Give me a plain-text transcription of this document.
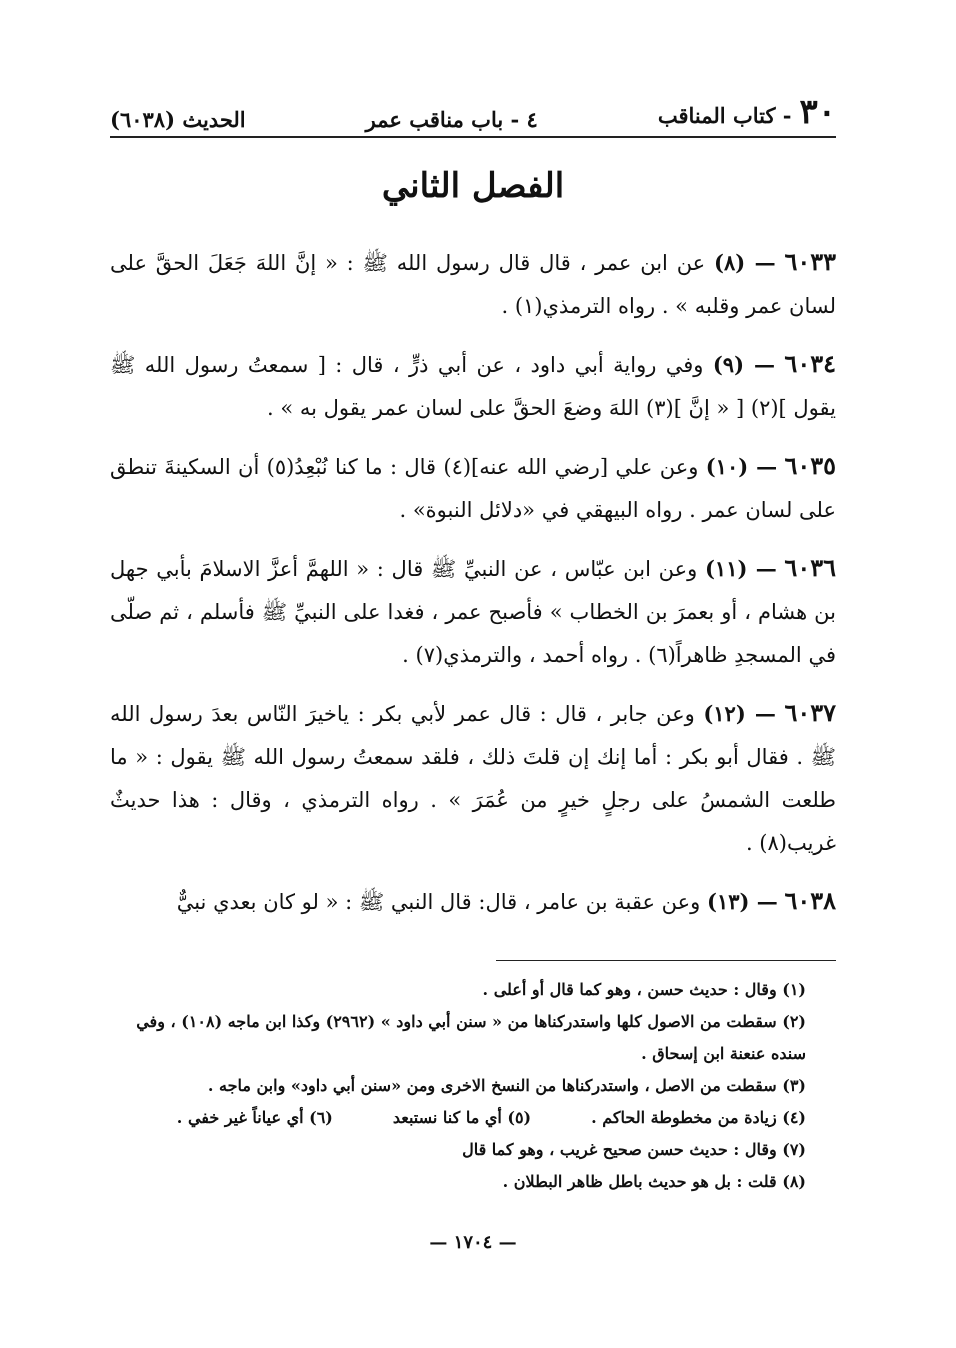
٣٠- كتاب المناقب
٤ - باب مناقب عمر
الحديث (٦٠٣٨)
الفصل الثاني

٦٠٣٣ — (٨) عن ابن عمر ، قال قال رسول الله ﷺ : « إنَّ اللهَ جَعَلَ الحقَّ على لسان عمر وقلبه » . رواه الترمذي(١) .

٦٠٣٤ — (٩) وفي رواية أبي داود ، عن أبي ذرٍّ ، قال : [ سمعتُ رسول الله ﷺ يقول ](٢) [ « إنَّ ](٣) اللهَ وضعَ الحقَّ على لسان عمر يقول به » .

٦٠٣٥ — (١٠) وعن علي [رضي الله عنه](٤) قال : ما كنا نُبْعِدُ(٥) أن السكينةَ تنطق على لسان عمر . رواه البيهقي في «دلائل النبوة» .

٦٠٣٦ — (١١) وعن ابن عبّاس ، عن النبيِّ ﷺ قال : « اللهمَّ أعزَّ الاسلامَ بأبي جهل بن هشام ، أو بعمرَ بن الخطاب » فأصبح عمر ، فغدا على النبيِّ ﷺ فأسلم ، ثم صلّى في المسجدِ ظاهراً(٦) . رواه أحمد ، والترمذي(٧) .

٦٠٣٧ — (١٢) وعن جابر ، قال : قال عمر لأبي بكر : ياخيرَ النّاس بعدَ رسول الله ﷺ . فقال أبو بكر : أما إنك إن قلتَ ذلك ، فلقد سمعتُ رسول الله ﷺ يقول : « ما طلعت الشمسُ على رجلٍ خيرٍ من عُمَرَ » . رواه الترمذي ، وقال : هذا حديثٌ غريب(٨) .

٦٠٣٨ — (١٣) وعن عقبة بن عامر ، قال: قال النبي ﷺ : « لو كان بعدي نبيٌّ

(١) وقال : حديث حسن ، وهو كما قال أو أعلى .

(٢) سقطت من الاصول كلها واستدركناها من « سنن أبي داود » (٢٩٦٢) وكذا ابن ماجه (١٠٨) ، وفي سنده عنعنة ابن إسحاق .

(٣) سقطت من الاصل ، واستدركناها من النسخ الاخرى ومن «سنن أبي داود» وابن ماجه .

(٤) زيادة من مخطوطة الحاكم .
(٥) أي ما كنا نستبعد
(٦) أي عياناً غير خفي .

(٧) وقال : حديث حسن صحيح غريب ، وهو كما قال

(٨) قلت : بل هو حديث باطل ظاهر البطلان .

— ١٧٠٤ —
